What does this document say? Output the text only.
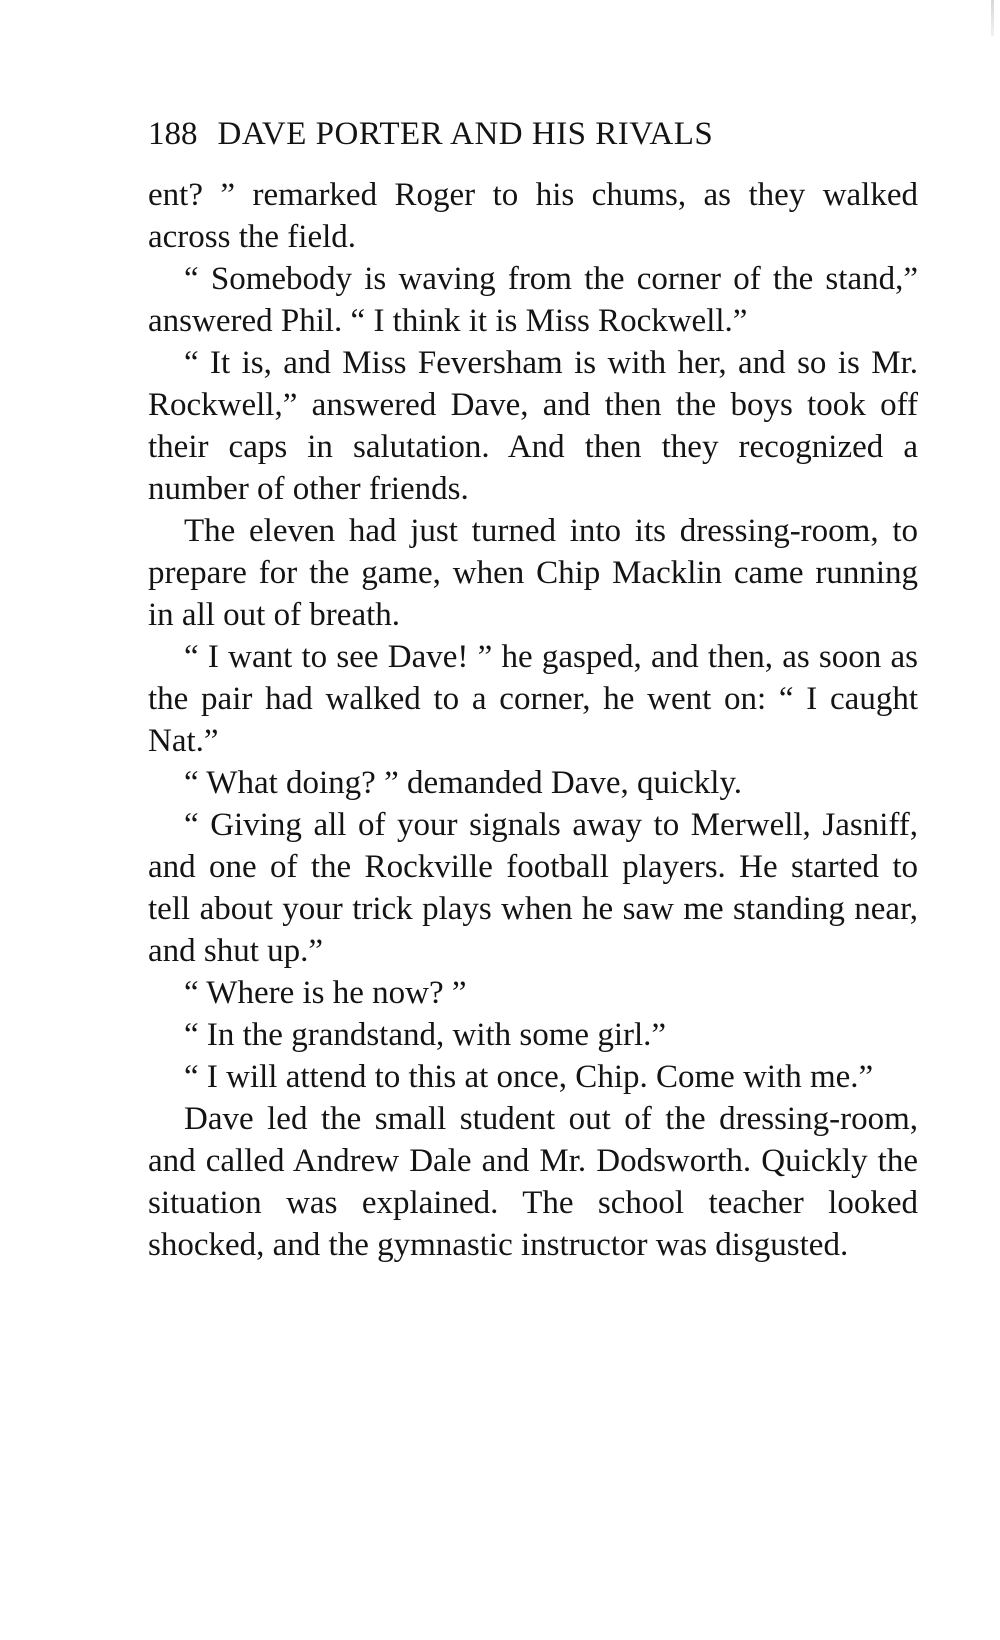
188 DAVE PORTER AND HIS RIVALS

ent? ” remarked Roger to his chums, as they walked across the field.

“ Somebody is waving from the corner of the stand,” answered Phil. “ I think it is Miss Rockwell.”

“ It is, and Miss Feversham is with her, and so is Mr. Rockwell,” answered Dave, and then the boys took off their caps in salutation. And then they recognized a number of other friends.

The eleven had just turned into its dressing-room, to prepare for the game, when Chip Macklin came running in all out of breath.

“ I want to see Dave! ” he gasped, and then, as soon as the pair had walked to a corner, he went on: “ I caught Nat.”

“ What doing? ” demanded Dave, quickly.

“ Giving all of your signals away to Merwell, Jasniff, and one of the Rockville football players. He started to tell about your trick plays when he saw me standing near, and shut up.”

“ Where is he now? ”

“ In the grandstand, with some girl.”

“ I will attend to this at once, Chip. Come with me.”

Dave led the small student out of the dressing-room, and called Andrew Dale and Mr. Dodsworth. Quickly the situation was explained. The school teacher looked shocked, and the gymnastic instructor was disgusted.
